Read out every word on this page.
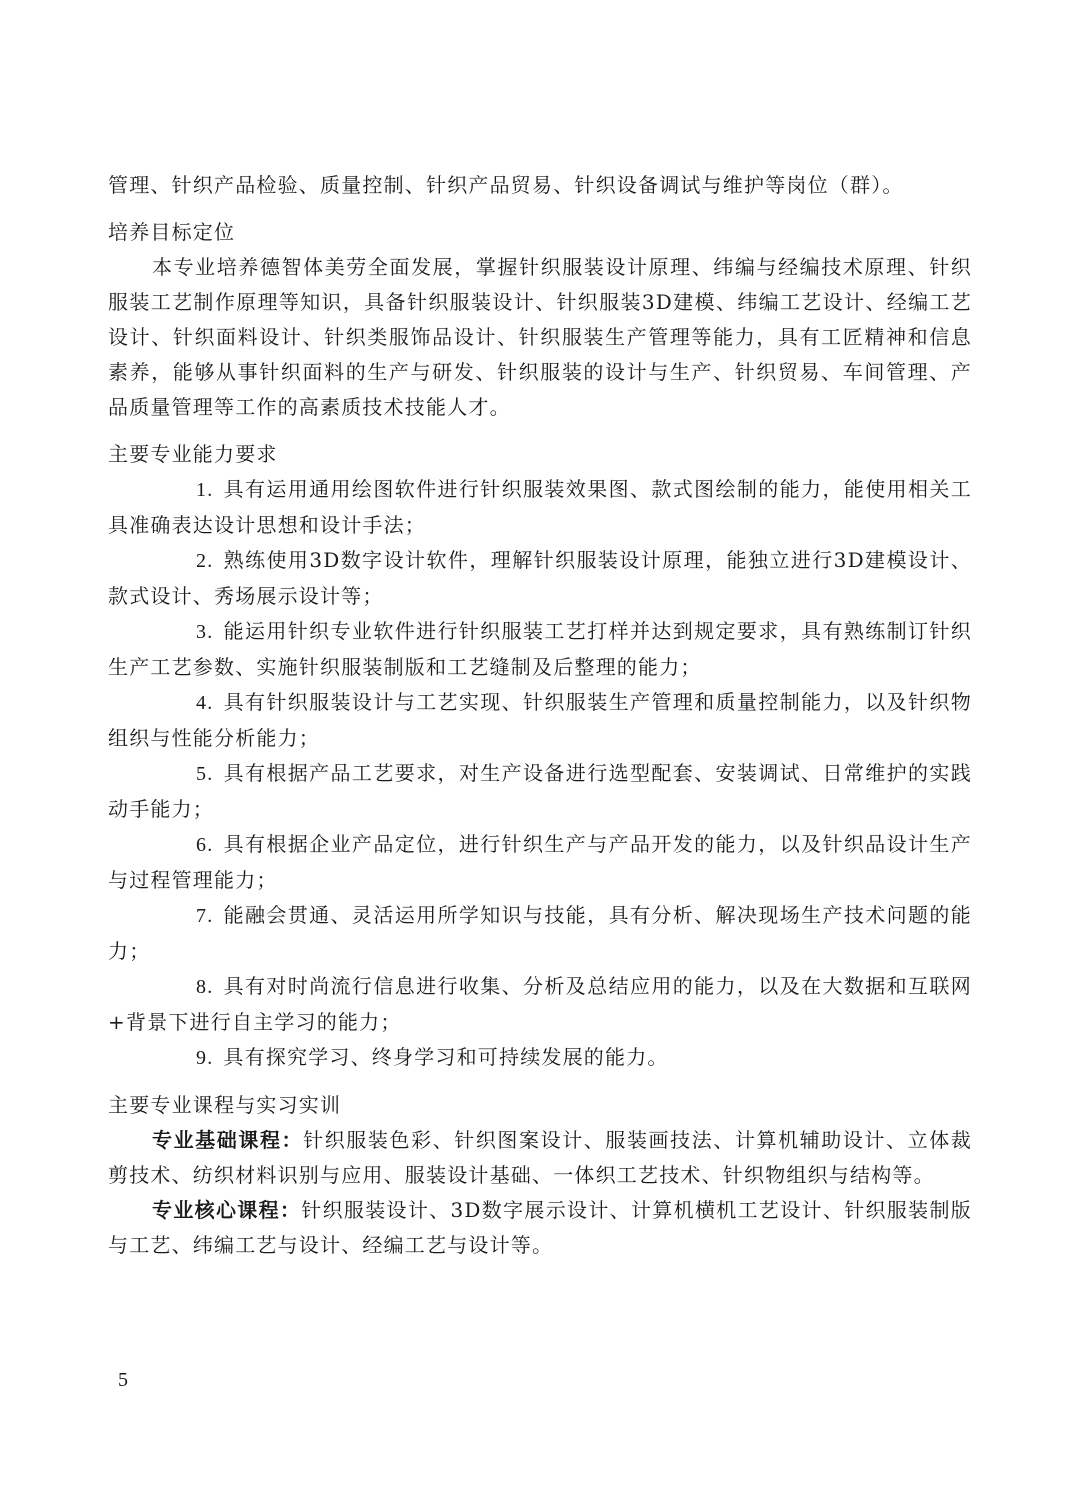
管理、针织产品检验、质量控制、针织产品贸易、针织设备调试与维护等岗位（群）。

培养目标定位

本专业培养德智体美劳全面发展，掌握针织服装设计原理、纬编与经编技术原理、针织服装工艺制作原理等知识，具备针织服装设计、针织服装3D建模、纬编工艺设计、经编工艺设计、针织面料设计、针织类服饰品设计、针织服装生产管理等能力，具有工匠精神和信息素养，能够从事针织面料的生产与研发、针织服装的设计与生产、针织贸易、车间管理、产品质量管理等工作的高素质技术技能人才。

主要专业能力要求

1. 具有运用通用绘图软件进行针织服装效果图、款式图绘制的能力，能使用相关工具准确表达设计思想和设计手法；

2. 熟练使用3D数字设计软件，理解针织服装设计原理，能独立进行3D建模设计、款式设计、秀场展示设计等；

3. 能运用针织专业软件进行针织服装工艺打样并达到规定要求，具有熟练制订针织生产工艺参数、实施针织服装制版和工艺缝制及后整理的能力；

4. 具有针织服装设计与工艺实现、针织服装生产管理和质量控制能力，以及针织物组织与性能分析能力；

5. 具有根据产品工艺要求，对生产设备进行选型配套、安装调试、日常维护的实践动手能力；

6. 具有根据企业产品定位，进行针织生产与产品开发的能力，以及针织品设计生产与过程管理能力；

7. 能融会贯通、灵活运用所学知识与技能，具有分析、解决现场生产技术问题的能力；

8. 具有对时尚流行信息进行收集、分析及总结应用的能力，以及在大数据和互联网+背景下进行自主学习的能力；

9. 具有探究学习、终身学习和可持续发展的能力。

主要专业课程与实习实训

专业基础课程：针织服装色彩、针织图案设计、服装画技法、计算机辅助设计、立体裁剪技术、纺织材料识别与应用、服装设计基础、一体织工艺技术、针织物组织与结构等。

专业核心课程：针织服装设计、3D数字展示设计、计算机横机工艺设计、针织服装制版与工艺、纬编工艺与设计、经编工艺与设计等。

5
